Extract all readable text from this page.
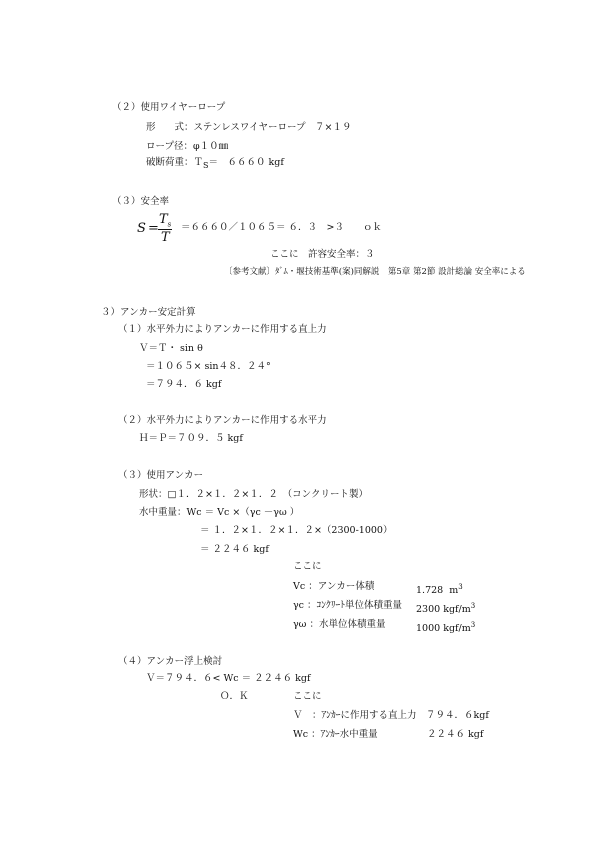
（２）使用ワイヤーロープ
形　　式：ステンレスワイヤーロープ　７×１９
ロープ径：φ１０㎜
破断荷重：Ｔ$_S$＝　６６６０ kgf
（３）安全率
S =
$T_s$
T
＝６６６０／１０６５＝ ６．３　>３　　ｏｋ
ここに　許容安全率：３
〔参考文献〕ﾀﾞﾑ・堰技術基準(案)同解説　第5章 第2節 設計総論 安全率による
３）アンカー安定計算
（１）水平外力によりアンカーに作用する直上力
Ｖ＝Ｔ・ sin θ
＝１０６５× sin４８．２４°
＝７９４．６ kgf
（２）水平外力によりアンカーに作用する水平力
Ｈ＝Ｐ＝７０９．５ kgf
（３）使用アンカー
形状：□１．２×１．２×１．２　（コンクリート製）
水中重量：Wc ＝ Vc ×（γc －γω ）
＝ １．２×１．２×１．２×（2300-1000）
＝ ２２４６ kgf
ここに
Vc ：アンカー体積	1.728  $m^3$
γc ：ｺﾝｸﾘｰﾄ単位体積重量 2300 kgf/$m^3$
γω ：水単位体積重量	1000 kgf/$m^3$
（４）アンカー浮上検討
Ｖ＝７９４．６< Wc ＝ ２２４６ kgf
Ｏ．Ｋ	ここに
Ｖ　：ｱﾝｶｰに作用する直上力　７９４．６kgf
Wc ：ｱﾝｶｰ水中重量	２２４６ kgf
